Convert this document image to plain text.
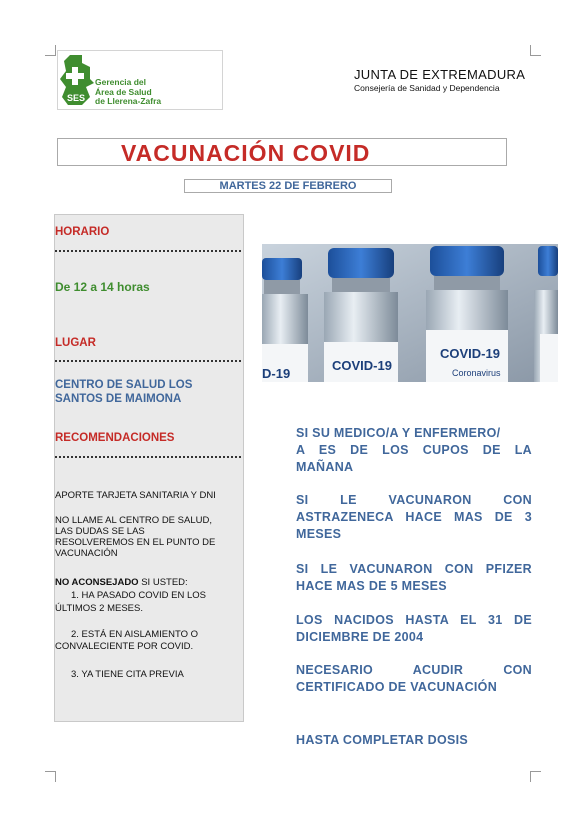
SES
Gerencia del
Área de Salud
de Llerena-Zafra
JUNTA DE EXTREMADURA
Consejería de Sanidad y Dependencia
VACUNACIÓN COVID
MARTES 22 DE FEBRERO
HORARIO
De 12 a 14 horas
LUGAR
CENTRO DE SALUD LOS
SANTOS DE MAIMONA
RECOMENDACIONES
APORTE TARJETA SANITARIA Y DNI
NO LLAME AL CENTRO DE SALUD,
LAS DUDAS SE LAS
RESOLVEREMOS EN EL PUNTO DE
VACUNACIÓN
NO ACONSEJADO SI USTED:
1. HA PASADO COVID EN LOS
ÚLTIMOS 2 MESES.
2. ESTÁ EN AISLAMIENTO O
CONVALECIENTE POR COVID.
3. YA TIENE CITA PREVIA
D-19
COVID-19
COVID-19
Coronavirus
SI SU MEDICO/A Y ENFERMERO/
A ES DE LOS CUPOS DE LA
MAÑANA
SI LE VACUNARON CON
ASTRAZENECA HACE MAS DE 3
MESES
SI LE VACUNARON CON PFIZER
HACE MAS DE 5 MESES
LOS NACIDOS HASTA EL 31 DE
DICIEMBRE DE 2004
NECESARIO ACUDIR CON
CERTIFICADO DE VACUNACIÓN
HASTA COMPLETAR DOSIS
